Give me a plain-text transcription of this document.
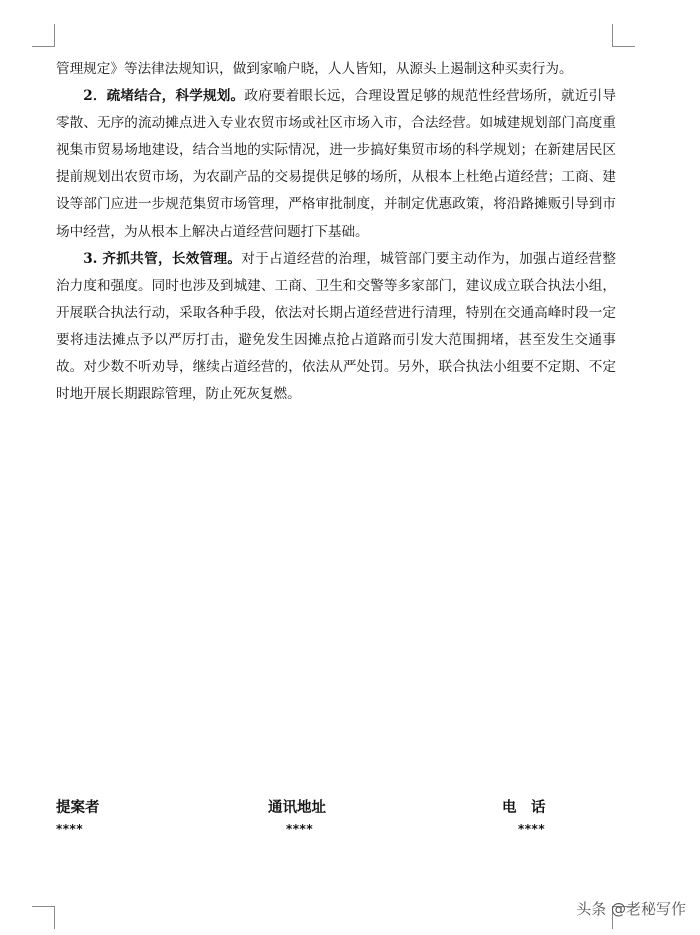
管理规定》等法律法规知识，做到家喻户晓，人人皆知，从源头上遏制这种买卖行为。

2．疏堵结合，科学规划。政府要着眼长远，合理设置足够的规范性经营场所，就近引导零散、无序的流动摊点进入专业农贸市场或社区市场入市，合法经营。如城建规划部门高度重视集市贸易场地建设，结合当地的实际情况，进一步搞好集贸市场的科学规划；在新建居民区提前规划出农贸市场，为农副产品的交易提供足够的场所，从根本上杜绝占道经营；工商、建设等部门应进一步规范集贸市场管理，严格审批制度，并制定优惠政策，将沿路摊贩引导到市场中经营，为从根本上解决占道经营问题打下基础。

3. 齐抓共管，长效管理。对于占道经营的治理，城管部门要主动作为，加强占道经营整治力度和强度。同时也涉及到城建、工商、卫生和交警等多家部门，建议成立联合执法小组，开展联合执法行动，采取各种手段，依法对长期占道经营进行清理，特别在交通高峰时段一定要将违法摊点予以严厉打击，避免发生因摊点抢占道路而引发大范围拥堵，甚至发生交通事故。对少数不听劝导，继续占道经营的，依法从严处罚。另外，联合执法小组要不定期、不定时地开展长期跟踪管理，防止死灰复燃。

提案者	通讯地址	电　话
****	****	****
头条 @老秘写作
